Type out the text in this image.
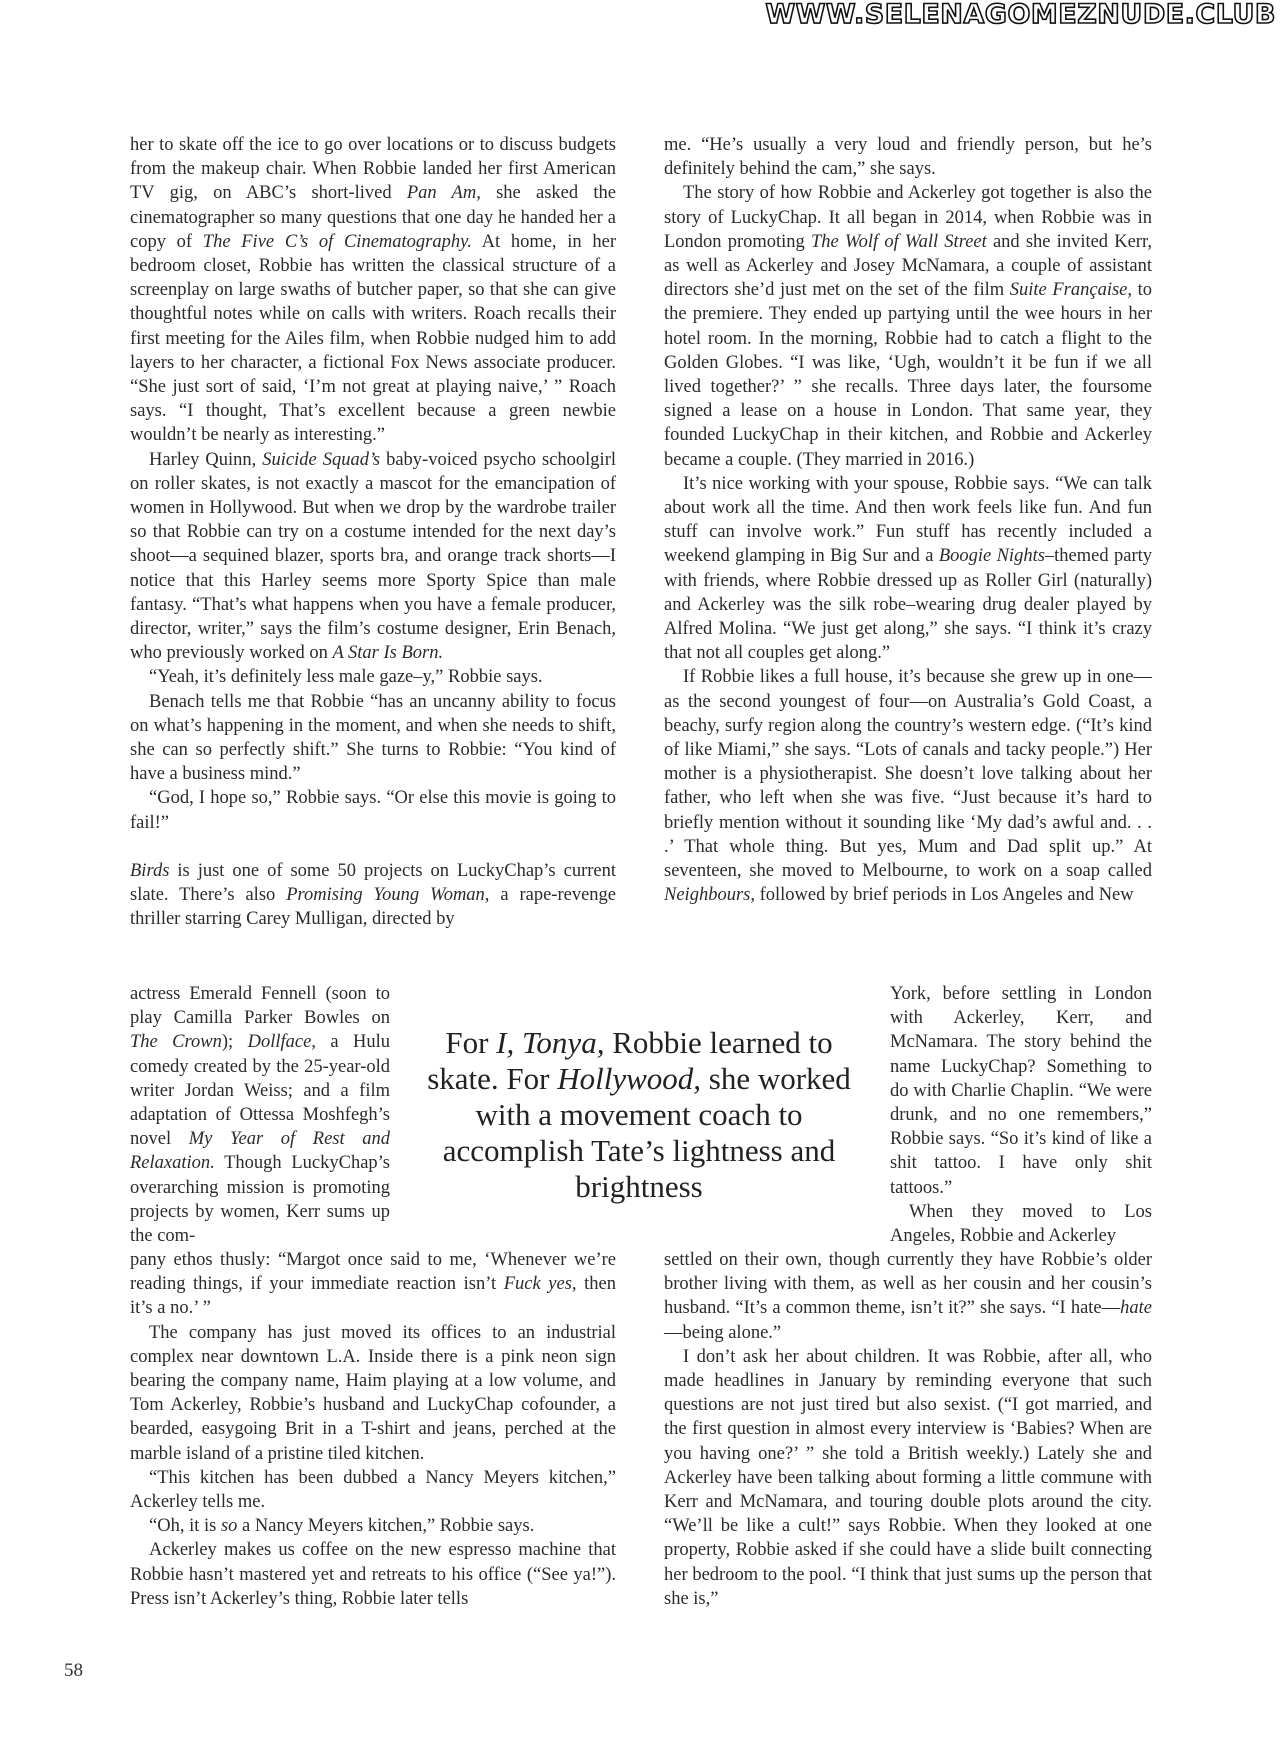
WWW.SELENAGOMEZNUDE.CLUB

her to skate off the ice to go over locations or to discuss budgets from the makeup chair. When Robbie landed her first American TV gig, on ABC’s short-lived Pan Am, she asked the cinematographer so many questions that one day he handed her a copy of The Five C’s of Cinematography. At home, in her bedroom closet, Robbie has written the classical structure of a screenplay on large swaths of butcher paper, so that she can give thoughtful notes while on calls with writers. Roach recalls their first meeting for the Ailes film, when Robbie nudged him to add layers to her character, a fictional Fox News associate producer. “She just sort of said, ‘I’m not great at playing naive,’ ” Roach says. “I thought, That’s excellent because a green newbie wouldn’t be nearly as interesting.”

Harley Quinn, Suicide Squad’s baby-voiced psycho schoolgirl on roller skates, is not exactly a mascot for the emancipation of women in Hollywood. But when we drop by the wardrobe trailer so that Robbie can try on a costume intended for the next day’s shoot—a sequined blazer, sports bra, and orange track shorts—I notice that this Harley seems more Sporty Spice than male fantasy. “That’s what happens when you have a female producer, director, writer,” says the film’s costume designer, Erin Benach, who previously worked on A Star Is Born.

“Yeah, it’s definitely less male gaze–y,” Robbie says.

Benach tells me that Robbie “has an uncanny ability to focus on what’s happening in the moment, and when she needs to shift, she can so perfectly shift.” She turns to Robbie: “You kind of have a business mind.”

“God, I hope so,” Robbie says. “Or else this movie is going to fail!”

Birds is just one of some 50 projects on LuckyChap’s current slate. There’s also Promising Young Woman, a rape-revenge thriller starring Carey Mulligan, directed by

actress Emerald Fennell (soon to play Camilla Parker Bowles on The Crown); Dollface, a Hulu comedy created by the 25-year-old writer Jordan Weiss; and a film adaptation of Ottessa Moshfegh’s novel My Year of Rest and Relaxation. Though LuckyChap’s overarching mission is promoting projects by women, Kerr sums up the com-

pany ethos thusly: “Margot once said to me, ‘Whenever we’re reading things, if your immediate reaction isn’t Fuck yes, then it’s a no.’ ”

The company has just moved its offices to an industrial complex near downtown L.A. Inside there is a pink neon sign bearing the company name, Haim playing at a low volume, and Tom Ackerley, Robbie’s husband and LuckyChap cofounder, a bearded, easygoing Brit in a T-shirt and jeans, perched at the marble island of a pristine tiled kitchen.

“This kitchen has been dubbed a Nancy Meyers kitchen,” Ackerley tells me.

“Oh, it is so a Nancy Meyers kitchen,” Robbie says.

Ackerley makes us coffee on the new espresso machine that Robbie hasn’t mastered yet and retreats to his office (“See ya!”). Press isn’t Ackerley’s thing, Robbie later tells

me. “He’s usually a very loud and friendly person, but he’s definitely behind the cam,” she says.

The story of how Robbie and Ackerley got together is also the story of LuckyChap. It all began in 2014, when Robbie was in London promoting The Wolf of Wall Street and she invited Kerr, as well as Ackerley and Josey McNamara, a couple of assistant directors she’d just met on the set of the film Suite Française, to the premiere. They ended up partying until the wee hours in her hotel room. In the morning, Robbie had to catch a flight to the Golden Globes. “I was like, ‘Ugh, wouldn’t it be fun if we all lived together?’ ” she recalls. Three days later, the foursome signed a lease on a house in London. That same year, they founded LuckyChap in their kitchen, and Robbie and Ackerley became a couple. (They married in 2016.)

It’s nice working with your spouse, Robbie says. “We can talk about work all the time. And then work feels like fun. And fun stuff can involve work.” Fun stuff has recently included a weekend glamping in Big Sur and a Boogie Nights–themed party with friends, where Robbie dressed up as Roller Girl (naturally) and Ackerley was the silk robe–wearing drug dealer played by Alfred Molina. “We just get along,” she says. “I think it’s crazy that not all couples get along.”

If Robbie likes a full house, it’s because she grew up in one—as the second youngest of four—on Australia’s Gold Coast, a beachy, surfy region along the country’s western edge. (“It’s kind of like Miami,” she says. “Lots of canals and tacky people.”) Her mother is a physiotherapist. She doesn’t love talking about her father, who left when she was five. “Just because it’s hard to briefly mention without it sounding like ‘My dad’s awful and. . . .’ That whole thing. But yes, Mum and Dad split up.” At seventeen, she moved to Melbourne, to work on a soap called Neighbours, followed by brief periods in Los Angeles and New

York, before settling in London with Ackerley, Kerr, and McNamara. The story behind the name LuckyChap? Something to do with Charlie Chaplin. “We were drunk, and no one remembers,” Robbie says. “So it’s kind of like a shit tattoo. I have only shit tattoos.”

When they moved to Los Angeles, Robbie and Ackerley

settled on their own, though currently they have Robbie’s older brother living with them, as well as her cousin and her cousin’s husband. “It’s a common theme, isn’t it?” she says. “I hate—hate—being alone.”

I don’t ask her about children. It was Robbie, after all, who made headlines in January by reminding everyone that such questions are not just tired but also sexist. (“I got married, and the first question in almost every interview is ‘Babies? When are you having one?’ ” she told a British weekly.) Lately she and Ackerley have been talking about forming a little commune with Kerr and McNamara, and touring double plots around the city. “We’ll be like a cult!” says Robbie. When they looked at one property, Robbie asked if she could have a slide built connecting her bedroom to the pool. “I think that just sums up the person that she is,”

For I, Tonya, Robbie learned to skate. For Hollywood, she worked with a movement coach to accomplish Tate’s lightness and brightness
58
